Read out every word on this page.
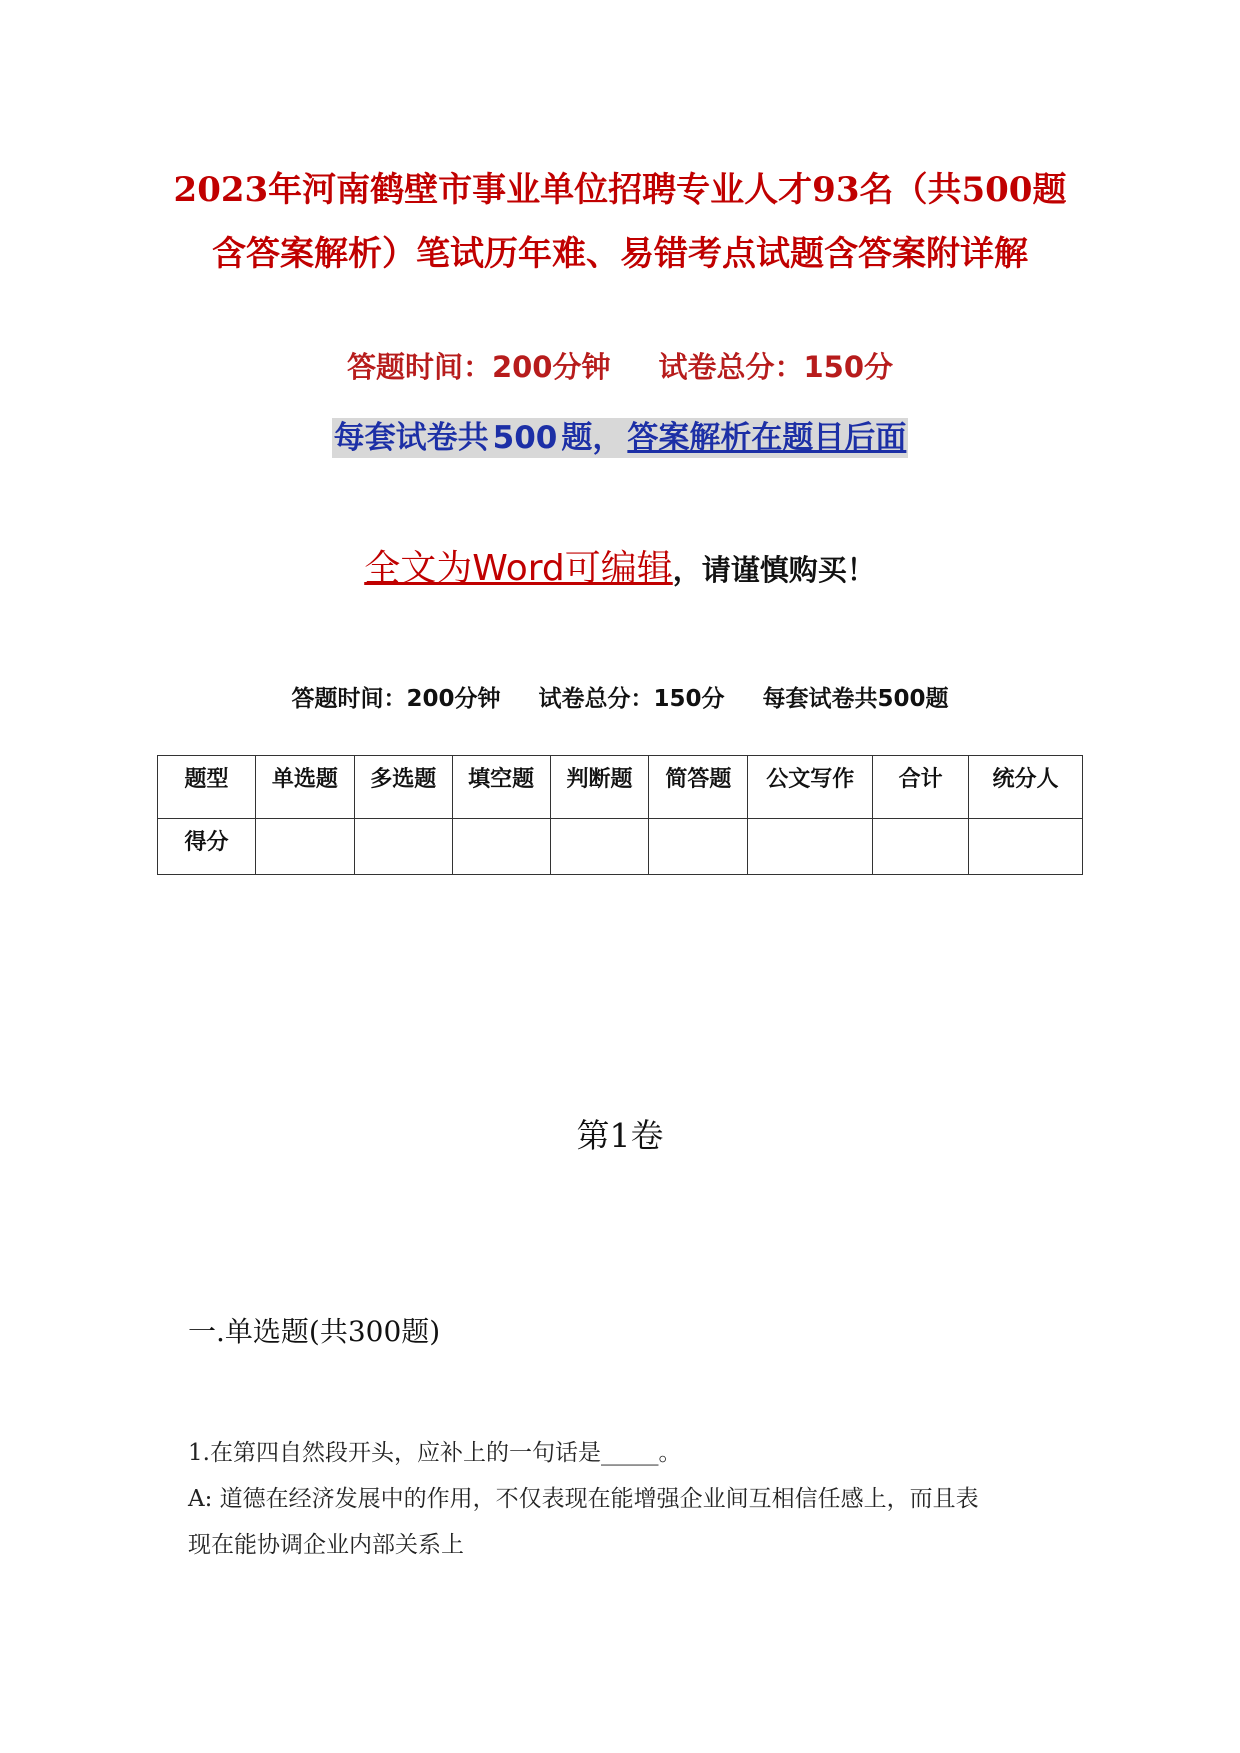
2023年河南鹤壁市事业单位招聘专业人才93名（共500题
含答案解析）笔试历年难、易错考点试题含答案附详解
答题时间：200分钟 试卷总分：150分
每套试卷共 500 题， 答案解析在题目后面
全文为Word可编辑，请谨慎购买！
答题时间：200分钟 试卷总分：150分 每套试卷共500题
题型	单选题	多选题	填空题	判断题	简答题	公文写作	合计	统分人
得分								
第1卷
一.单选题(共300题)
1.在第四自然段开头，应补上的一句话是_____。
A: 道德在经济发展中的作用，不仅表现在能增强企业间互相信任感上，而且表
现在能协调企业内部关系上
